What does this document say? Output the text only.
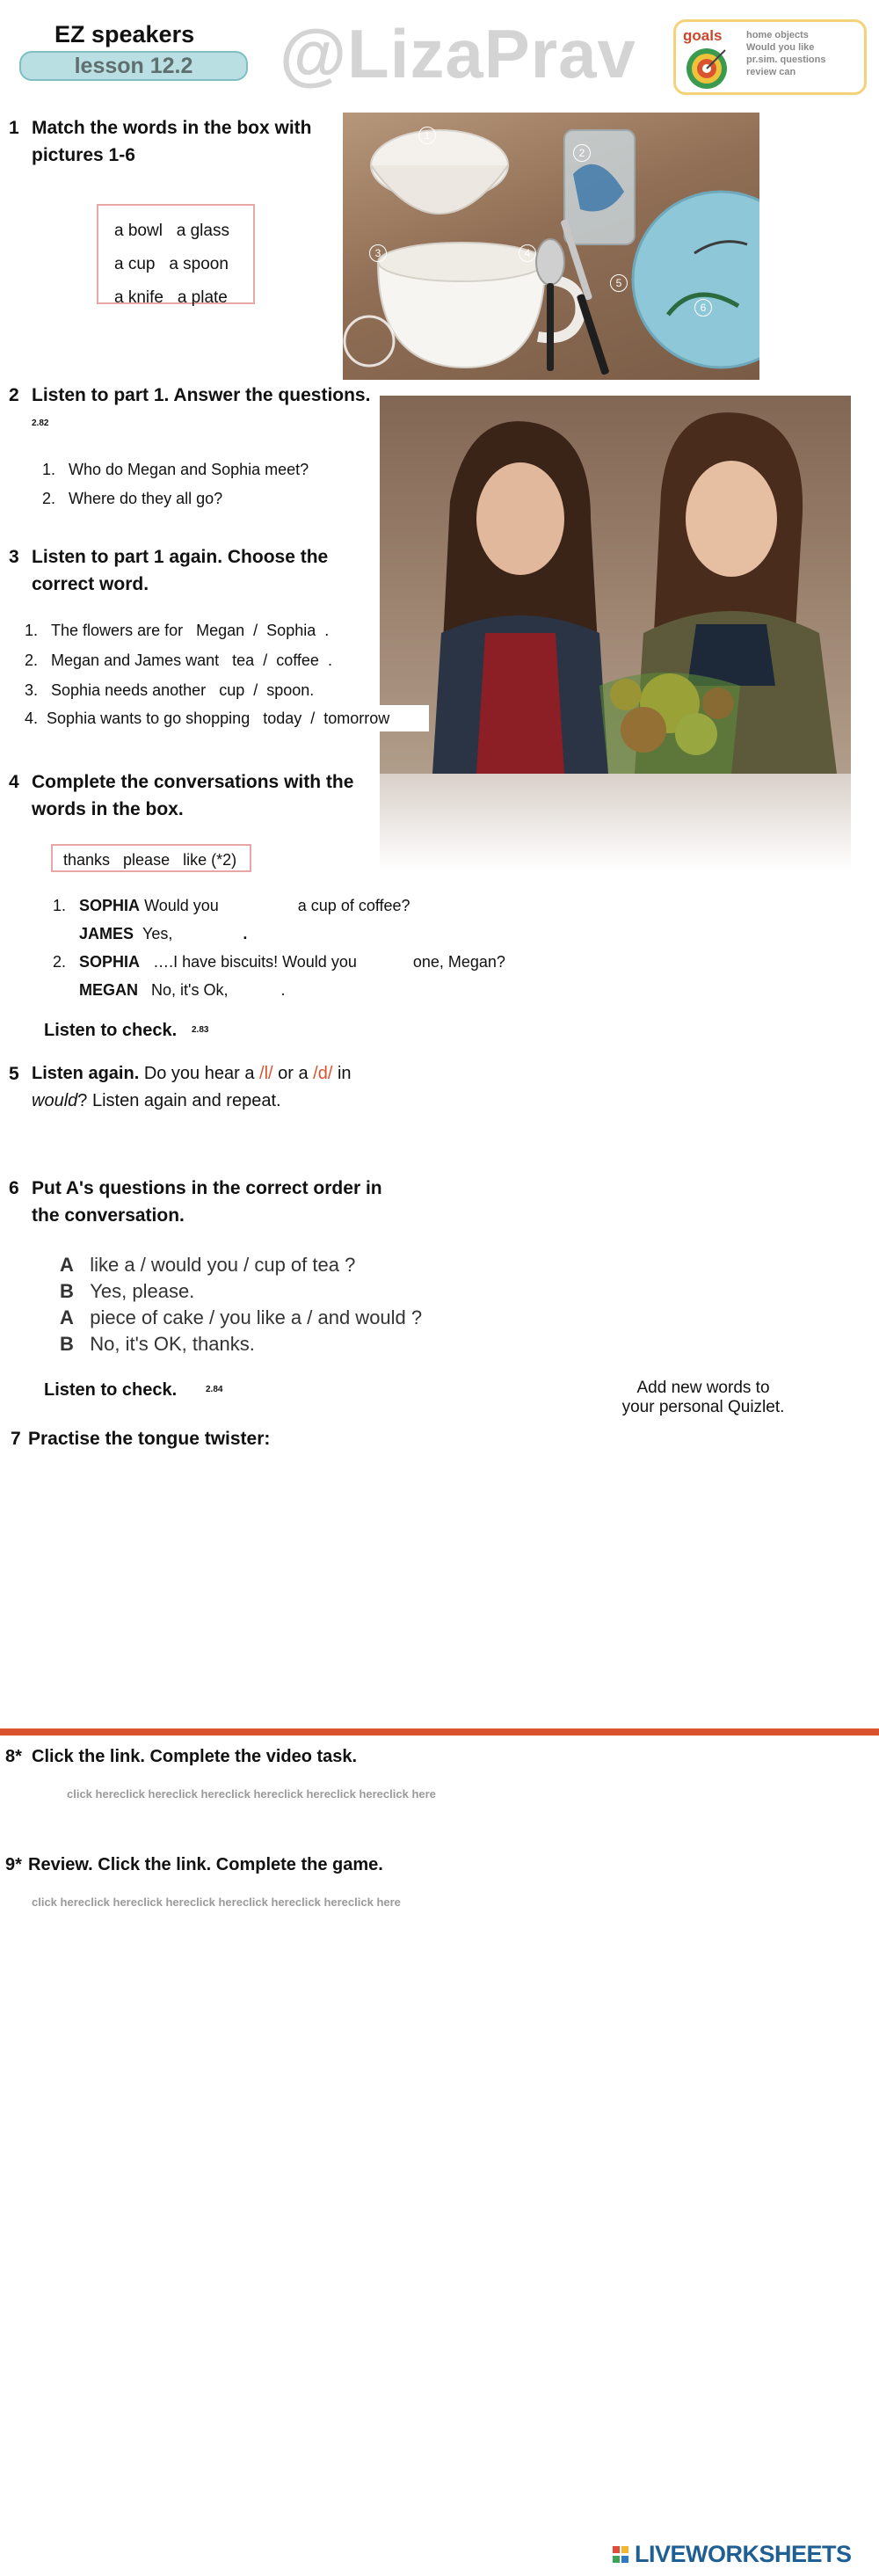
EZ speakers
lesson 12.2	@LizaPrav	goals	home objects
Would you like
pr.sim. questions
review can
1 Match the words in the box with
pictures 1-6
a bowl a glass
a cup a spoon
a knife a plate
1
2
3	4
5
6
2 Listen to part 1. Answer the questions.
2.82
1.   Who do Megan and Sophia meet?
2.   Where do they all go?
3 Listen to part 1 again. Choose the
correct word.
1. The flowers are for Megan  /  Sophia .
2. Megan and James want tea  /  coffee .
3. Sophia needs another cup  /  spoon.
4. Sophia wants to go shopping today  /  tomorrow
4 Complete the conversations with the
words in the box.
thanks   please   like (*2)
1. SOPHIA Would you	a cup of coffee?
JAMES Yes,	.
2. SOPHIA ….I have biscuits! Would you	one, Megan?
MEGAN No, it's Ok,	.
Listen to check. 2.83
5 Listen again. Do you hear a /l/ or a /d/ in
would? Listen again and repeat.
6 Put A's questions in the correct order in
the conversation.
A like a / would you / cup of tea ?
B Yes, please.
A piece of cake / you like a / and would ?
B No, it's OK, thanks.
Listen to check.	2.84	Add new words to
your personal Quizlet.
7 Practise the tongue twister:
8* Click the link. Complete the video task.
click hereclick hereclick hereclick hereclick hereclick hereclick here
9* Review. Click the link. Complete the game.
click hereclick hereclick hereclick hereclick hereclick hereclick here
LIVEWORKSHEETS
